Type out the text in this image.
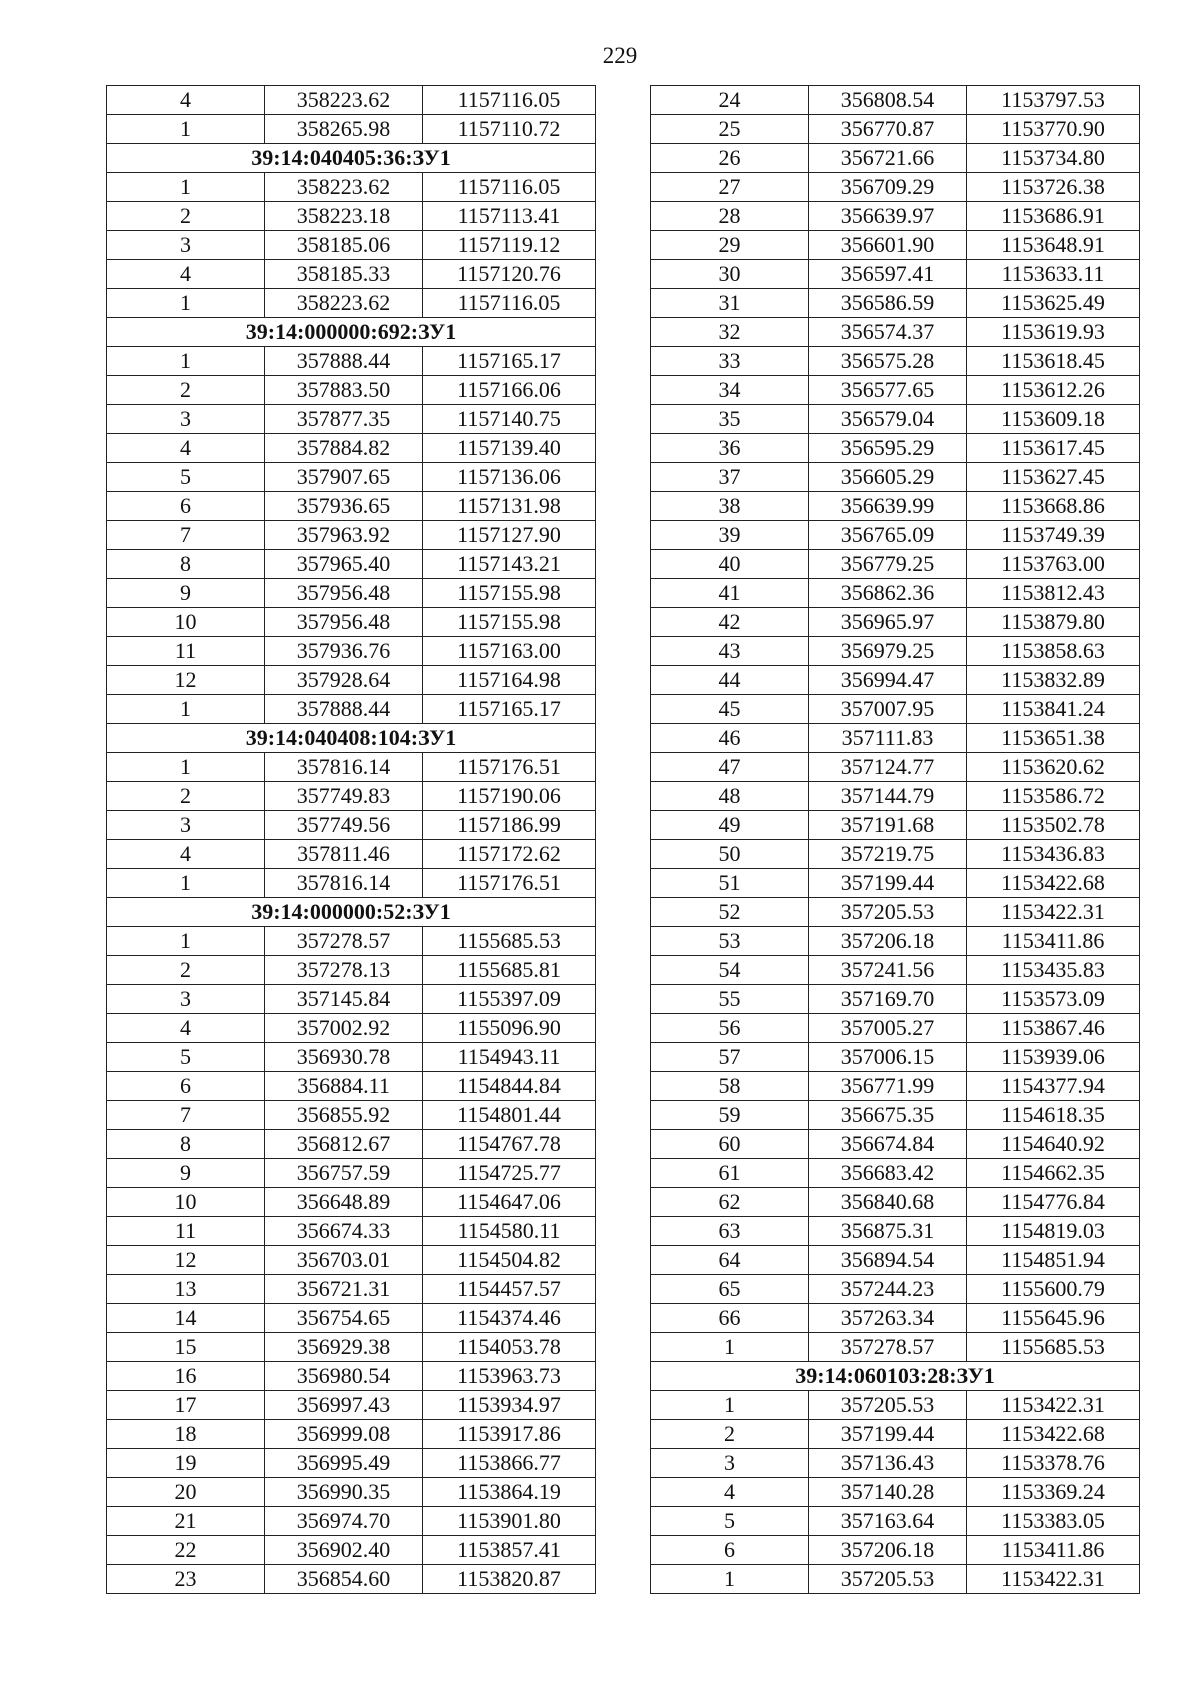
229
4	358223.62	1157116.05
1	358265.98	1157110.72
39:14:040405:36:ЗУ1		
1	358223.62	1157116.05
2	358223.18	1157113.41
3	358185.06	1157119.12
4	358185.33	1157120.76
1	358223.62	1157116.05
39:14:000000:692:ЗУ1		
1	357888.44	1157165.17
2	357883.50	1157166.06
3	357877.35	1157140.75
4	357884.82	1157139.40
5	357907.65	1157136.06
6	357936.65	1157131.98
7	357963.92	1157127.90
8	357965.40	1157143.21
9	357956.48	1157155.98
10	357956.48	1157155.98
11	357936.76	1157163.00
12	357928.64	1157164.98
1	357888.44	1157165.17
39:14:040408:104:ЗУ1		
1	357816.14	1157176.51
2	357749.83	1157190.06
3	357749.56	1157186.99
4	357811.46	1157172.62
1	357816.14	1157176.51
39:14:000000:52:ЗУ1		
1	357278.57	1155685.53
2	357278.13	1155685.81
3	357145.84	1155397.09
4	357002.92	1155096.90
5	356930.78	1154943.11
6	356884.11	1154844.84
7	356855.92	1154801.44
8	356812.67	1154767.78
9	356757.59	1154725.77
10	356648.89	1154647.06
11	356674.33	1154580.11
12	356703.01	1154504.82
13	356721.31	1154457.57
14	356754.65	1154374.46
15	356929.38	1154053.78
16	356980.54	1153963.73
17	356997.43	1153934.97
18	356999.08	1153917.86
19	356995.49	1153866.77
20	356990.35	1153864.19
21	356974.70	1153901.80
22	356902.40	1153857.41
23	356854.60	1153820.87
24	356808.54	1153797.53
25	356770.87	1153770.90
26	356721.66	1153734.80
27	356709.29	1153726.38
28	356639.97	1153686.91
29	356601.90	1153648.91
30	356597.41	1153633.11
31	356586.59	1153625.49
32	356574.37	1153619.93
33	356575.28	1153618.45
34	356577.65	1153612.26
35	356579.04	1153609.18
36	356595.29	1153617.45
37	356605.29	1153627.45
38	356639.99	1153668.86
39	356765.09	1153749.39
40	356779.25	1153763.00
41	356862.36	1153812.43
42	356965.97	1153879.80
43	356979.25	1153858.63
44	356994.47	1153832.89
45	357007.95	1153841.24
46	357111.83	1153651.38
47	357124.77	1153620.62
48	357144.79	1153586.72
49	357191.68	1153502.78
50	357219.75	1153436.83
51	357199.44	1153422.68
52	357205.53	1153422.31
53	357206.18	1153411.86
54	357241.56	1153435.83
55	357169.70	1153573.09
56	357005.27	1153867.46
57	357006.15	1153939.06
58	356771.99	1154377.94
59	356675.35	1154618.35
60	356674.84	1154640.92
61	356683.42	1154662.35
62	356840.68	1154776.84
63	356875.31	1154819.03
64	356894.54	1154851.94
65	357244.23	1155600.79
66	357263.34	1155645.96
1	357278.57	1155685.53
39:14:060103:28:ЗУ1		
1	357205.53	1153422.31
2	357199.44	1153422.68
3	357136.43	1153378.76
4	357140.28	1153369.24
5	357163.64	1153383.05
6	357206.18	1153411.86
1	357205.53	1153422.31
